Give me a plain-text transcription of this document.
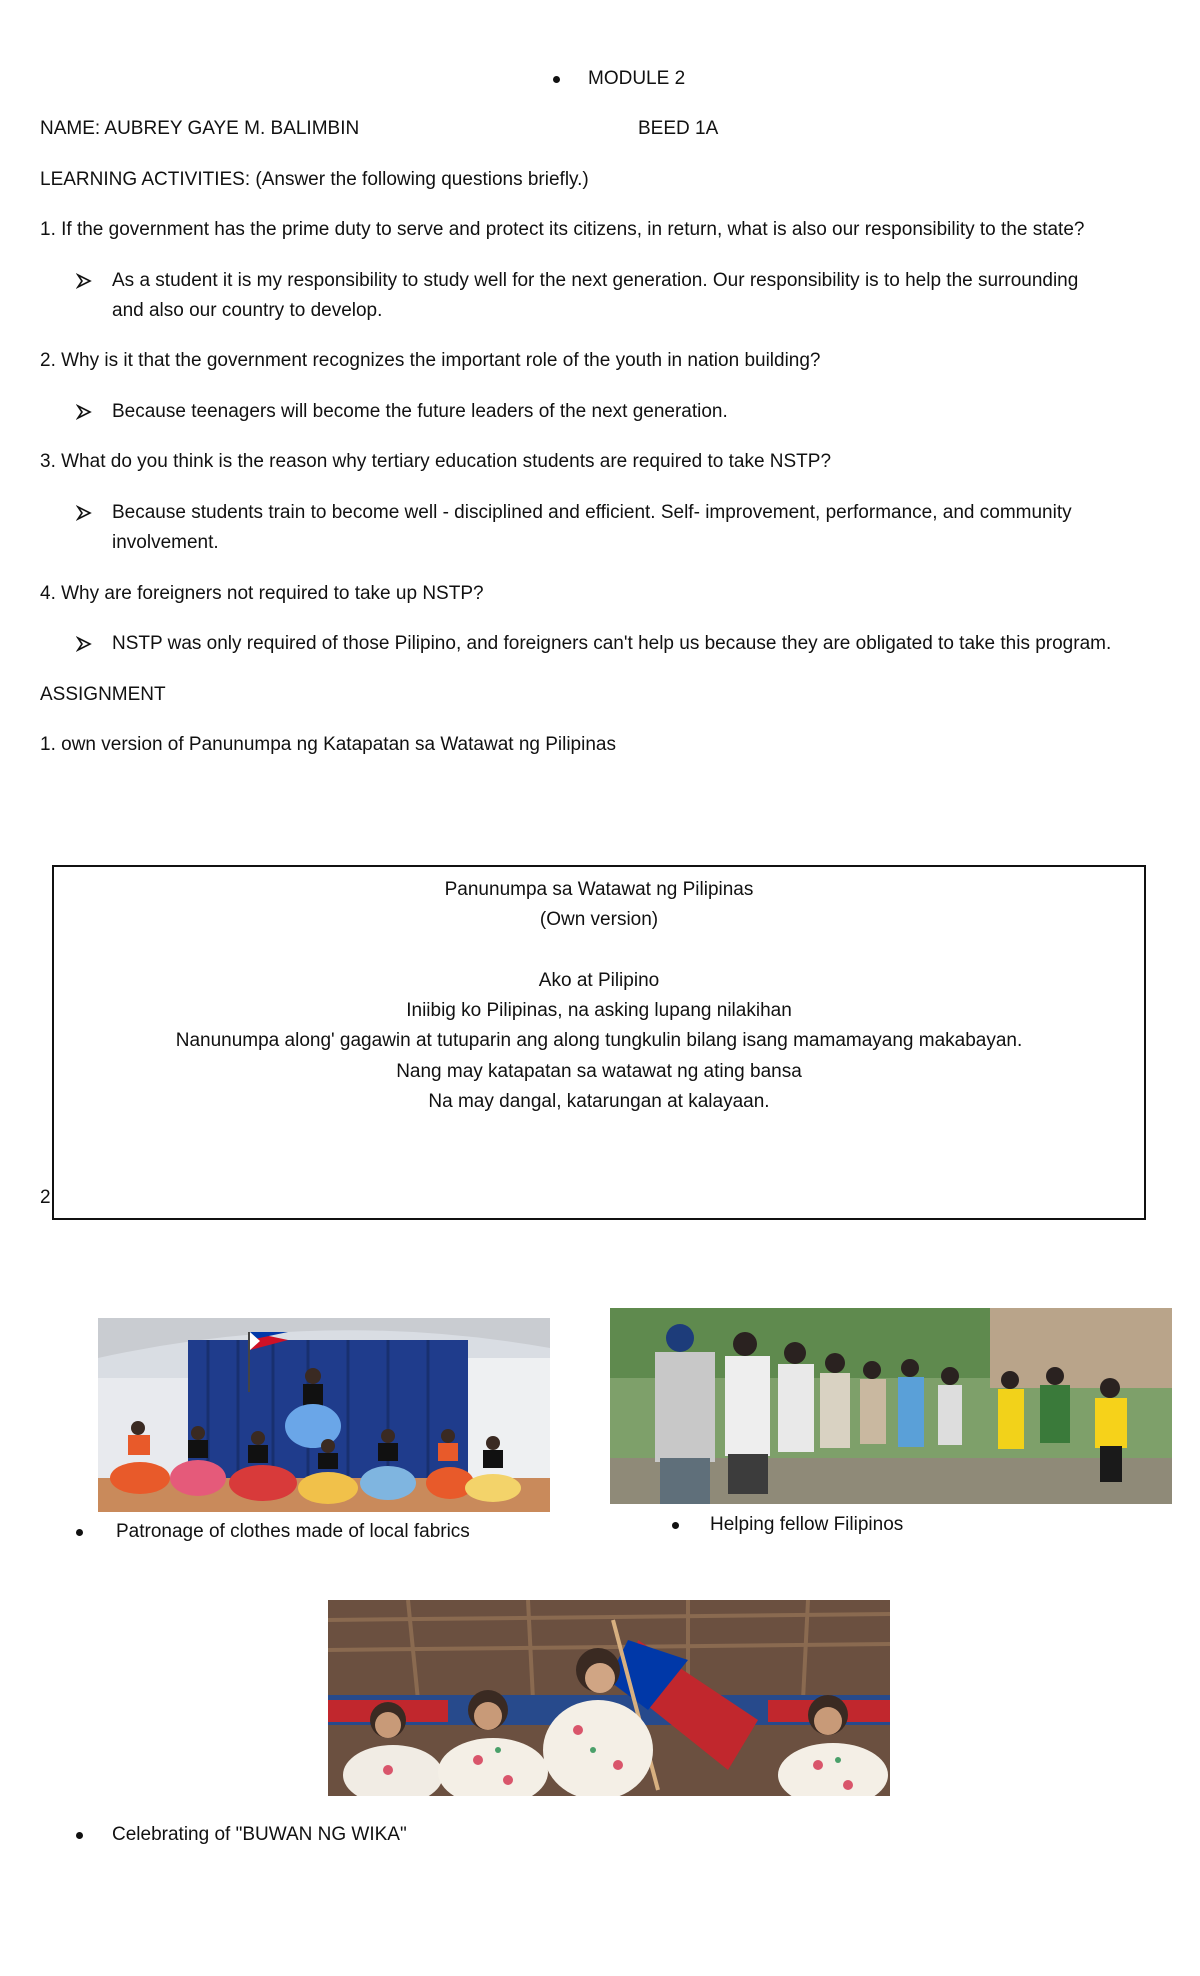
MODULE 2
NAME: AUBREY GAYE M. BALIMBIN	BEED 1A
LEARNING ACTIVITIES: (Answer the following questions briefly.)
1. If the government has the prime duty to serve and protect its citizens, in return, what is also our responsibility to the state?
As a student it is my responsibility to study well for the next generation. Our responsibility is to help the surrounding
and also our country to develop.
2. Why is it that the government recognizes the important role of the youth in nation building?
Because teenagers will become the future leaders of the next generation.
3. What do you think is the reason why tertiary education students are required to take NSTP?
Because students train to become well - disciplined and efficient. Self- improvement, performance, and community
involvement.
4. Why are foreigners not required to take up NSTP?
NSTP was only required of those Pilipino, and foreigners can't help us because they are obligated to take this program.
ASSIGNMENT
1. own version of Panunumpa ng Katapatan sa Watawat ng Pilipinas
2
Panunumpa sa Watawat ng Pilipinas
(Own version)
Ako at Pilipino
Iniibig ko Pilipinas, na asking lupang nilakihan
Nanunumpa along' gagawin at tutuparin ang along tungkulin bilang isang mamamayang makabayan.
Nang may katapatan sa watawat ng ating bansa
Na may dangal, katarungan at kalayaan.
Patronage of clothes made of local fabrics	Helping fellow Filipinos
Celebrating of "BUWAN NG WIKA"
